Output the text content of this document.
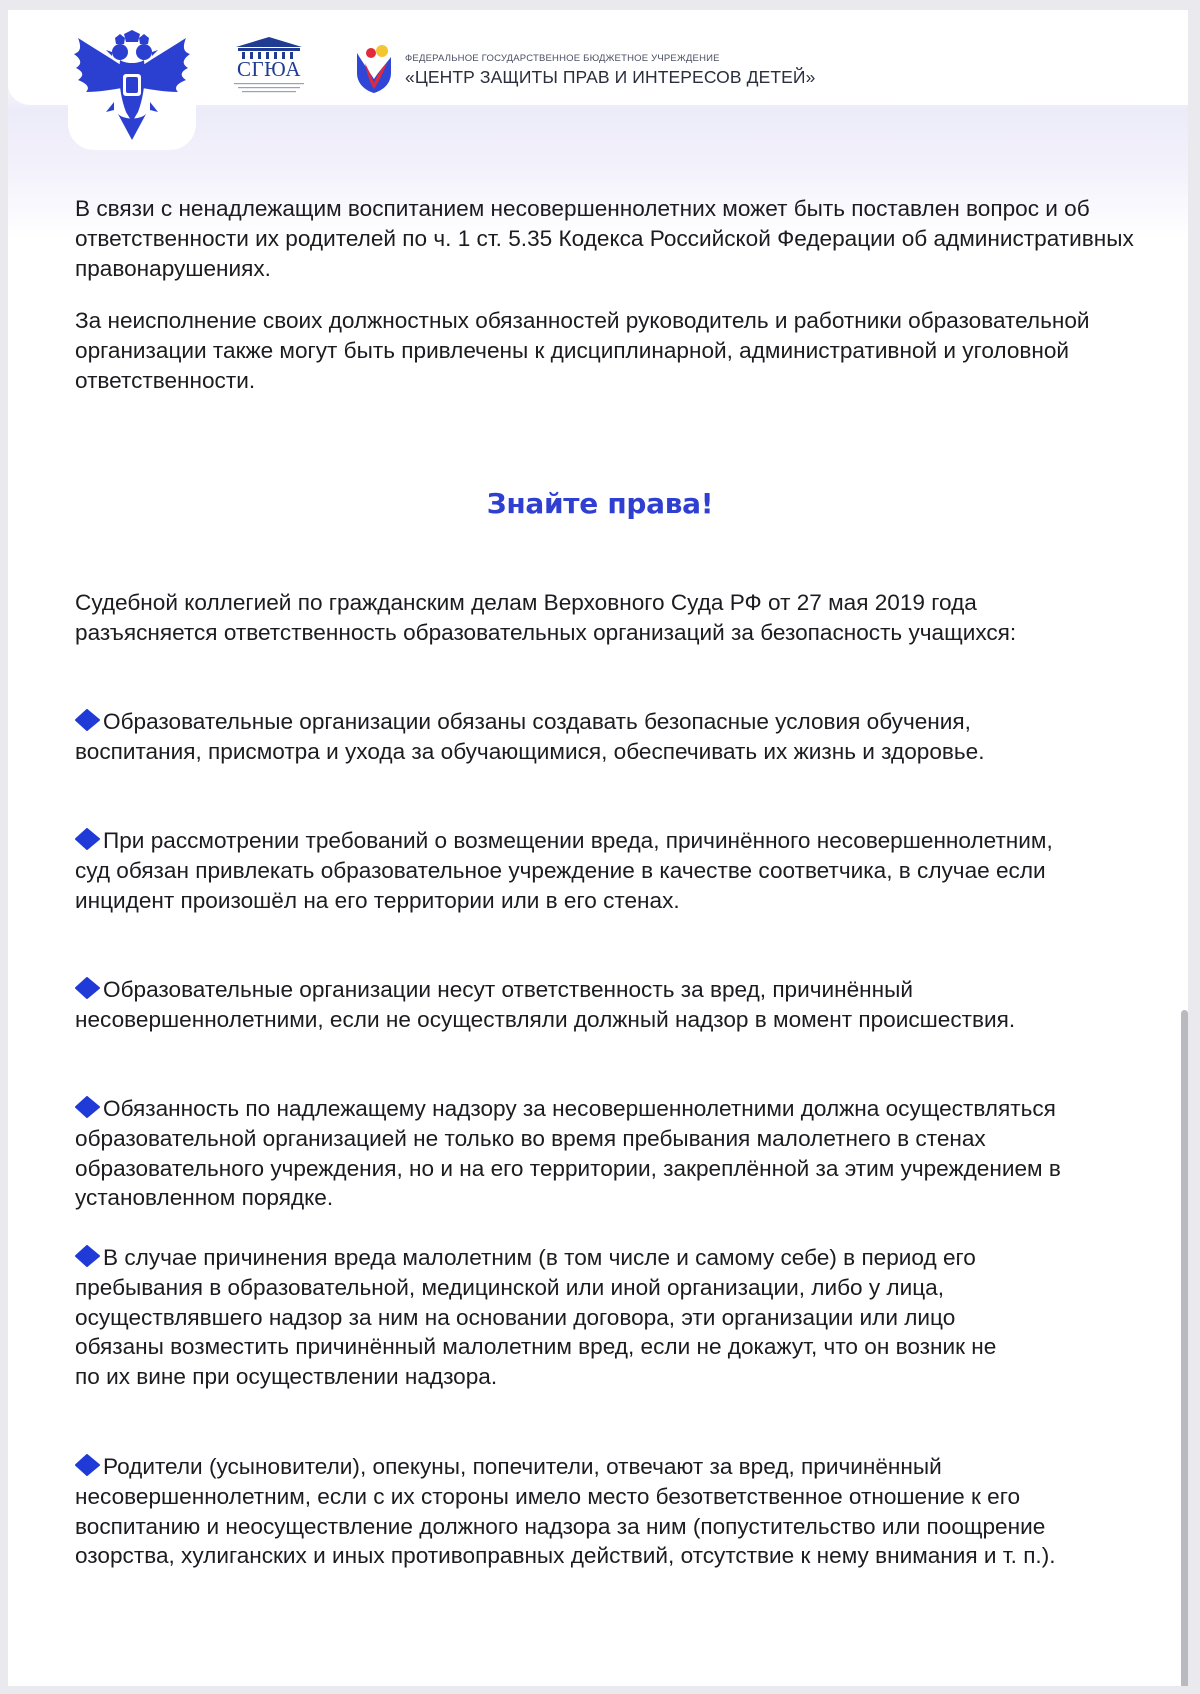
СГЮА	ФЕДЕРАЛЬНОЕ ГОСУДАРСТВЕННОЕ БЮДЖЕТНОЕ УЧРЕЖДЕНИЕ
«ЦЕНТР ЗАЩИТЫ ПРАВ И ИНТЕРЕСОВ ДЕТЕЙ»

В связи с ненадлежащим воспитанием несовершеннолетних может быть поставлен вопрос и об ответственности их родителей по ч. 1 ст. 5.35 Кодекса Российской Федерации об административных правонарушениях.

За неисполнение своих должностных обязанностей руководитель и работники образовательной организации также могут быть привлечены к дисциплинарной, административной и уголовной ответственности.

Знайте права!

Судебной коллегией по гражданским делам Верховного Суда РФ от 27 мая 2019 года разъясняется ответственность образовательных организаций за безопасность учащихся:

Образовательные организации обязаны создавать безопасные условия обучения, воспитания, присмотра и ухода за обучающимися, обеспечивать их жизнь и здоровье.

При рассмотрении требований о возмещении вреда, причинённого несовершеннолетним, суд обязан привлекать образовательное учреждение в качестве соответчика, в случае если инцидент произошёл на его территории или в его стенах.

Образовательные организации несут ответственность за вред, причинённый несовершеннолетними, если не осуществляли должный надзор в момент происшествия.

Обязанность по надлежащему надзору за несовершеннолетними должна осуществляться образовательной организацией не только во время пребывания малолетнего в стенах образовательного учреждения, но и на его территории, закреплённой за этим учреждением в установленном порядке.

В случае причинения вреда малолетним (в том числе и самому себе) в период его пребывания в образовательной, медицинской или иной организации, либо у лица, осуществлявшего надзор за ним на основании договора, эти организации или лицо обязаны возместить причинённый малолетним вред, если не докажут, что он возник не по их вине при осуществлении надзора.

Родители (усыновители), опекуны, попечители, отвечают за вред, причинённый несовершеннолетним, если с их стороны имело место безответственное отношение к его воспитанию и неосуществление должного надзора за ним (попустительство или поощрение озорства, хулиганских и иных противоправных действий, отсутствие к нему внимания и т. п.).
